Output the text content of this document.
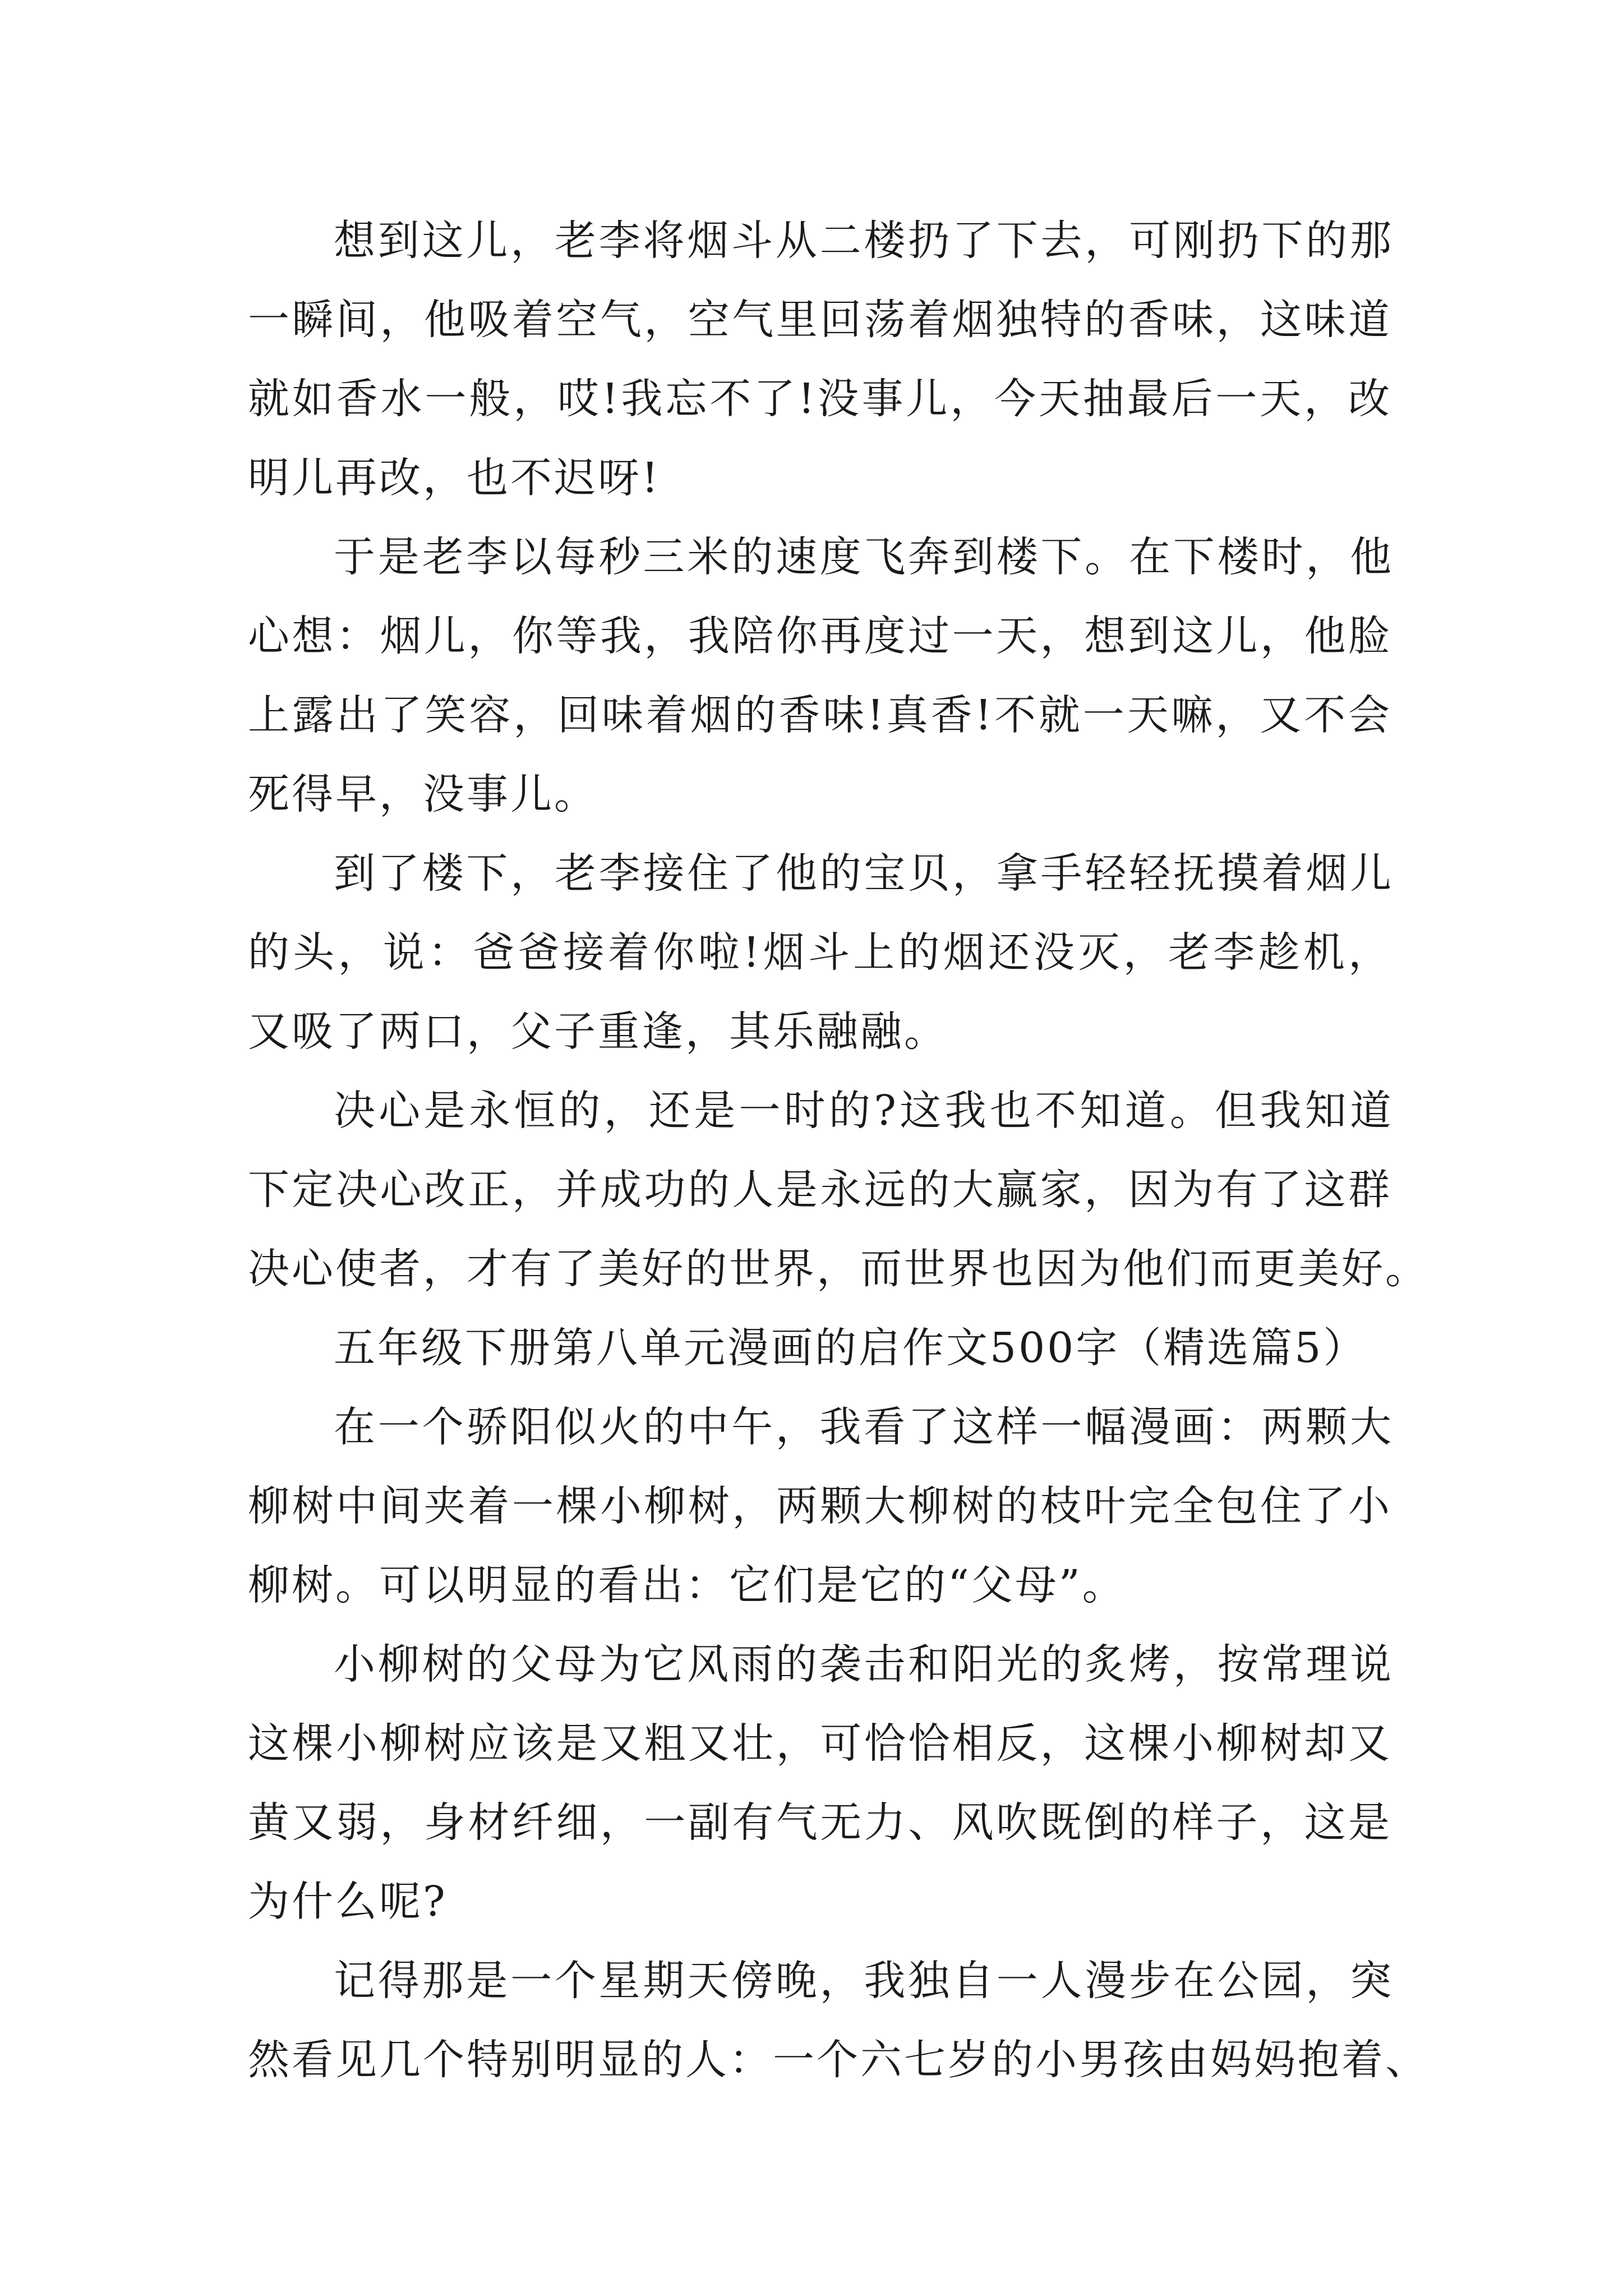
想到这儿，老李将烟斗从二楼扔了下去，可刚扔下的那
一瞬间，他吸着空气，空气里回荡着烟独特的香味，这味道
就如香水一般，哎!我忘不了!没事儿，今天抽最后一天，改
明儿再改，也不迟呀!
于是老李以每秒三米的速度飞奔到楼下。在下楼时，他
心想：烟儿，你等我，我陪你再度过一天，想到这儿，他脸
上露出了笑容，回味着烟的香味!真香!不就一天嘛，又不会
死得早，没事儿。
到了楼下，老李接住了他的宝贝，拿手轻轻抚摸着烟儿
的头，说：爸爸接着你啦!烟斗上的烟还没灭，老李趁机，
又吸了两口，父子重逢，其乐融融。
决心是永恒的，还是一时的?这我也不知道。但我知道
下定决心改正，并成功的人是永远的大赢家，因为有了这群
决心使者，才有了美好的世界，而世界也因为他们而更美好。
五年级下册第八单元漫画的启作文500字（精选篇5）
在一个骄阳似火的中午，我看了这样一幅漫画：两颗大
柳树中间夹着一棵小柳树，两颗大柳树的枝叶完全包住了小
柳树。可以明显的看出：它们是它的“父母”。
小柳树的父母为它风雨的袭击和阳光的炙烤，按常理说
这棵小柳树应该是又粗又壮，可恰恰相反，这棵小柳树却又
黄又弱，身材纤细，一副有气无力、风吹既倒的样子，这是
为什么呢?
记得那是一个星期天傍晚，我独自一人漫步在公园，突
然看见几个特别明显的人：一个六七岁的小男孩由妈妈抱着、
